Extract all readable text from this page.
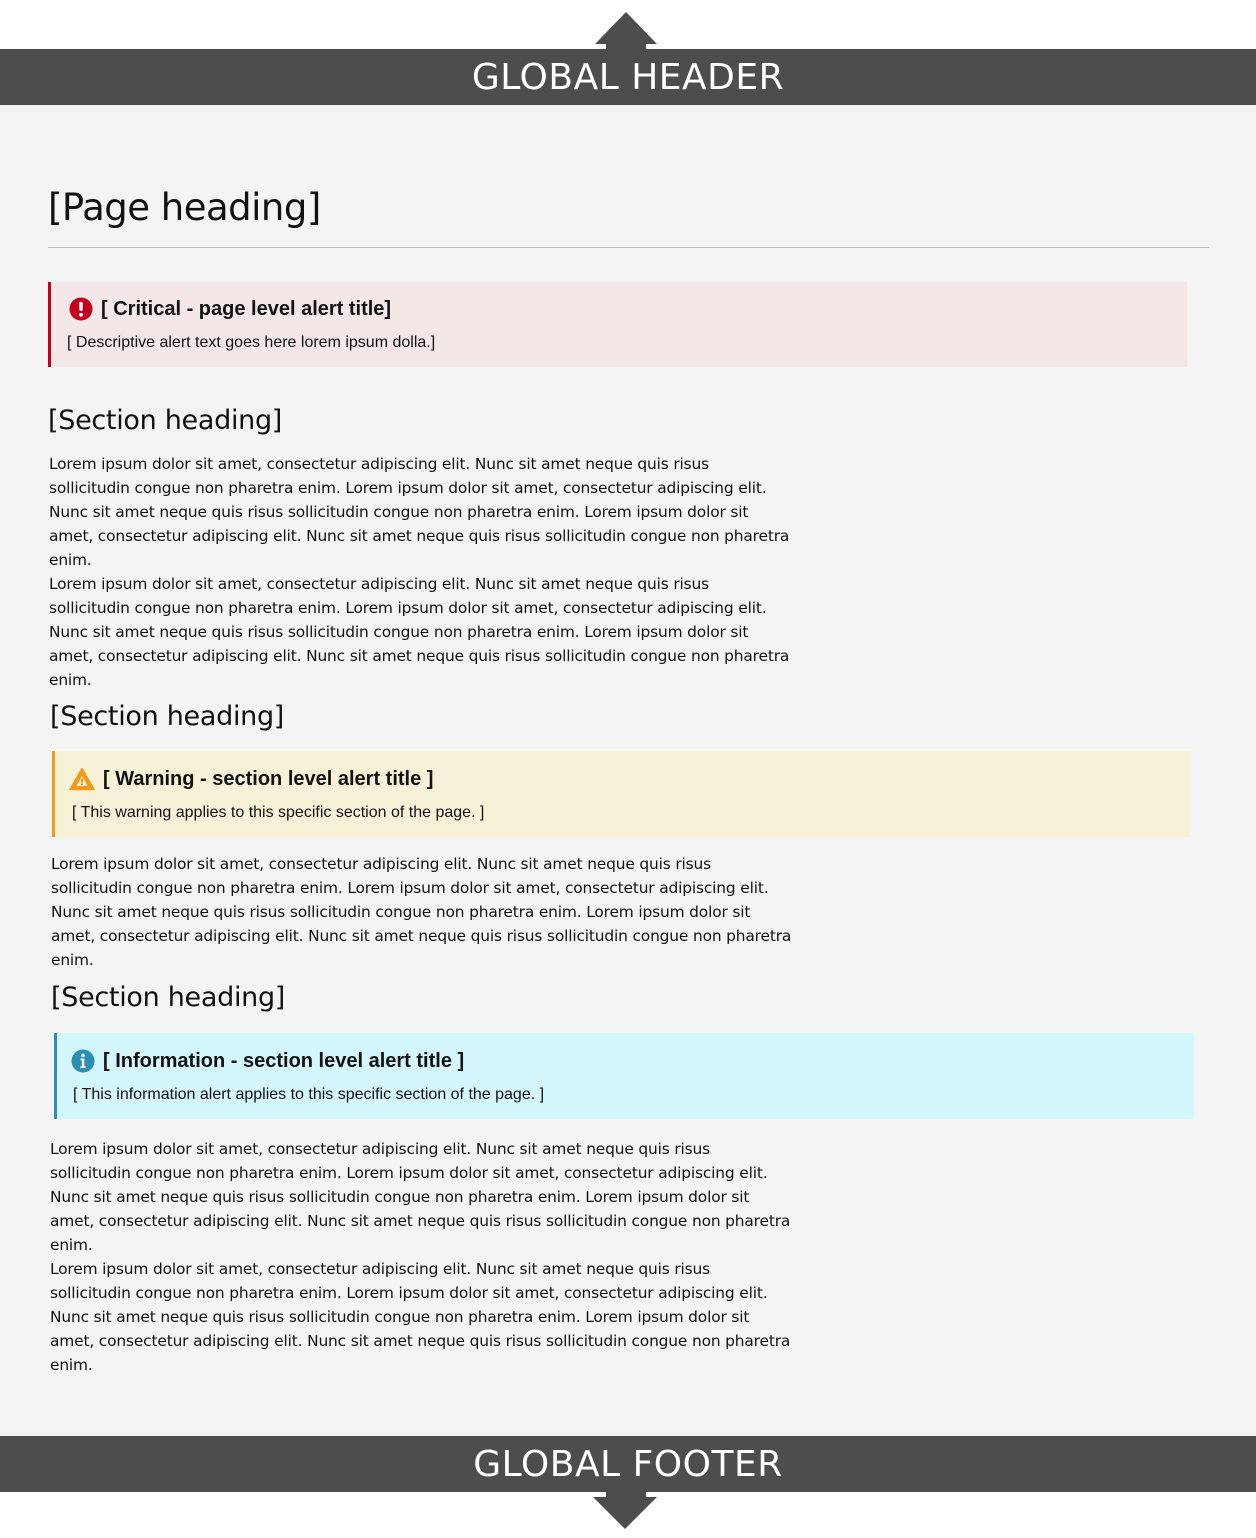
GLOBAL HEADER
[Page heading]
[ Critical - page level alert title]
[ Descriptive alert text goes here lorem ipsum dolla.]
[Section heading]

Lorem ipsum dolor sit amet, consectetur adipiscing elit. Nunc sit amet neque quis risus sollicitudin congue non pharetra enim. Lorem ipsum dolor sit amet, consectetur adipiscing elit. Nunc sit amet neque quis risus sollicitudin congue non pharetra enim. Lorem ipsum dolor sit amet, consectetur adipiscing elit. Nunc sit amet neque quis risus sollicitudin congue non pharetra enim.

Lorem ipsum dolor sit amet, consectetur adipiscing elit. Nunc sit amet neque quis risus sollicitudin congue non pharetra enim. Lorem ipsum dolor sit amet, consectetur adipiscing elit. Nunc sit amet neque quis risus sollicitudin congue non pharetra enim. Lorem ipsum dolor sit amet, consectetur adipiscing elit. Nunc sit amet neque quis risus sollicitudin congue non pharetra enim.

[Section heading]
[ Warning - section level alert title ]
[ This warning applies to this specific section of the page. ]

Lorem ipsum dolor sit amet, consectetur adipiscing elit. Nunc sit amet neque quis risus sollicitudin congue non pharetra enim. Lorem ipsum dolor sit amet, consectetur adipiscing elit. Nunc sit amet neque quis risus sollicitudin congue non pharetra enim. Lorem ipsum dolor sit amet, consectetur adipiscing elit. Nunc sit amet neque quis risus sollicitudin congue non pharetra enim.

[Section heading]
[ Information - section level alert title ]
[ This information alert applies to this specific section of the page. ]

Lorem ipsum dolor sit amet, consectetur adipiscing elit. Nunc sit amet neque quis risus sollicitudin congue non pharetra enim. Lorem ipsum dolor sit amet, consectetur adipiscing elit. Nunc sit amet neque quis risus sollicitudin congue non pharetra enim. Lorem ipsum dolor sit amet, consectetur adipiscing elit. Nunc sit amet neque quis risus sollicitudin congue non pharetra enim.

Lorem ipsum dolor sit amet, consectetur adipiscing elit. Nunc sit amet neque quis risus sollicitudin congue non pharetra enim. Lorem ipsum dolor sit amet, consectetur adipiscing elit. Nunc sit amet neque quis risus sollicitudin congue non pharetra enim. Lorem ipsum dolor sit amet, consectetur adipiscing elit. Nunc sit amet neque quis risus sollicitudin congue non pharetra enim.

GLOBAL FOOTER
